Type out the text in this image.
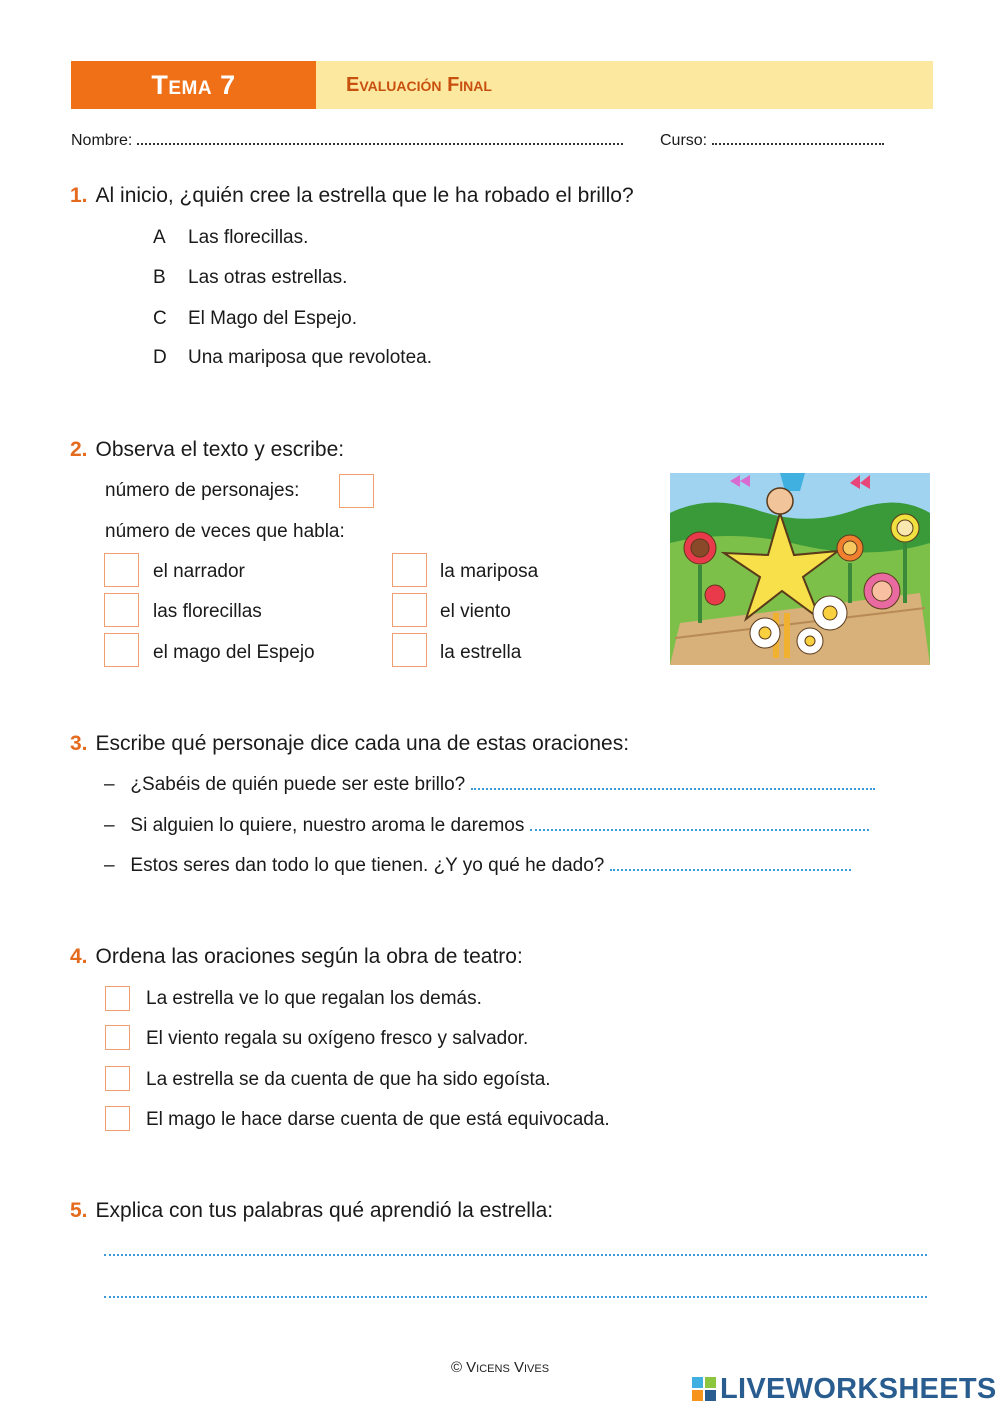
Tema 7	Evaluación Final
Nombre:	Curso:
1. Al inicio, ¿quién cree la estrella que le ha robado el brillo?
A Las florecillas.
B Las otras estrellas.
C El Mago del Espejo.
D Una mariposa que revolotea.
2. Observa el texto y escribe:
número de personajes:
número de veces que habla:
el narrador
las florecillas
el mago del Espejo
la mariposa
el viento
la estrella
3. Escribe qué personaje dice cada una de estas oraciones:
– ¿Sabéis de quién puede ser este brillo?
– Si alguien lo quiere, nuestro aroma le daremos
– Estos seres dan todo lo que tienen. ¿Y yo qué he dado?
4. Ordena las oraciones según la obra de teatro:
La estrella ve lo que regalan los demás.
El viento regala su oxígeno fresco y salvador.
La estrella se da cuenta de que ha sido egoísta.
El mago le hace darse cuenta de que está equivocada.
5. Explica con tus palabras qué aprendió la estrella:
© Vicens Vives
LIVEWORKSHEETS
